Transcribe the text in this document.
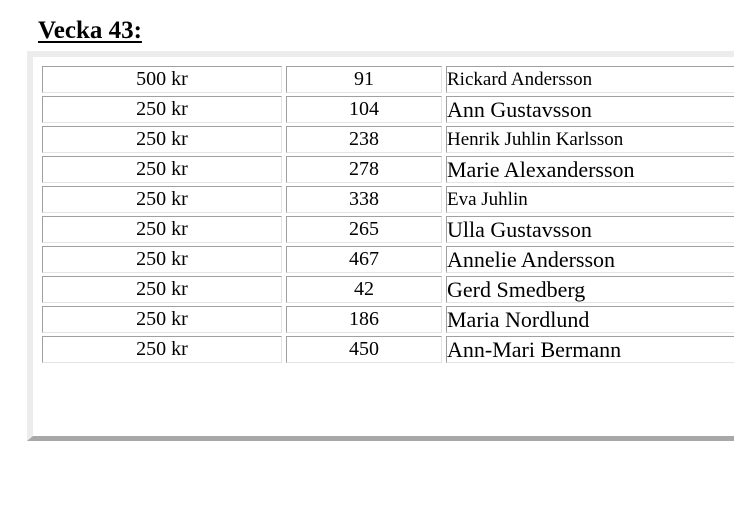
Vecka 43:
500 kr	91	Rickard Andersson
250 kr	104	Ann Gustavsson
250 kr	238	Henrik Juhlin Karlsson
250 kr	278	Marie Alexandersson
250 kr	338	Eva Juhlin
250 kr	265	Ulla Gustavsson
250 kr	467	Annelie Andersson
250 kr	42	Gerd Smedberg
250 kr	186	Maria Nordlund
250 kr	450	Ann-Mari Bermann
